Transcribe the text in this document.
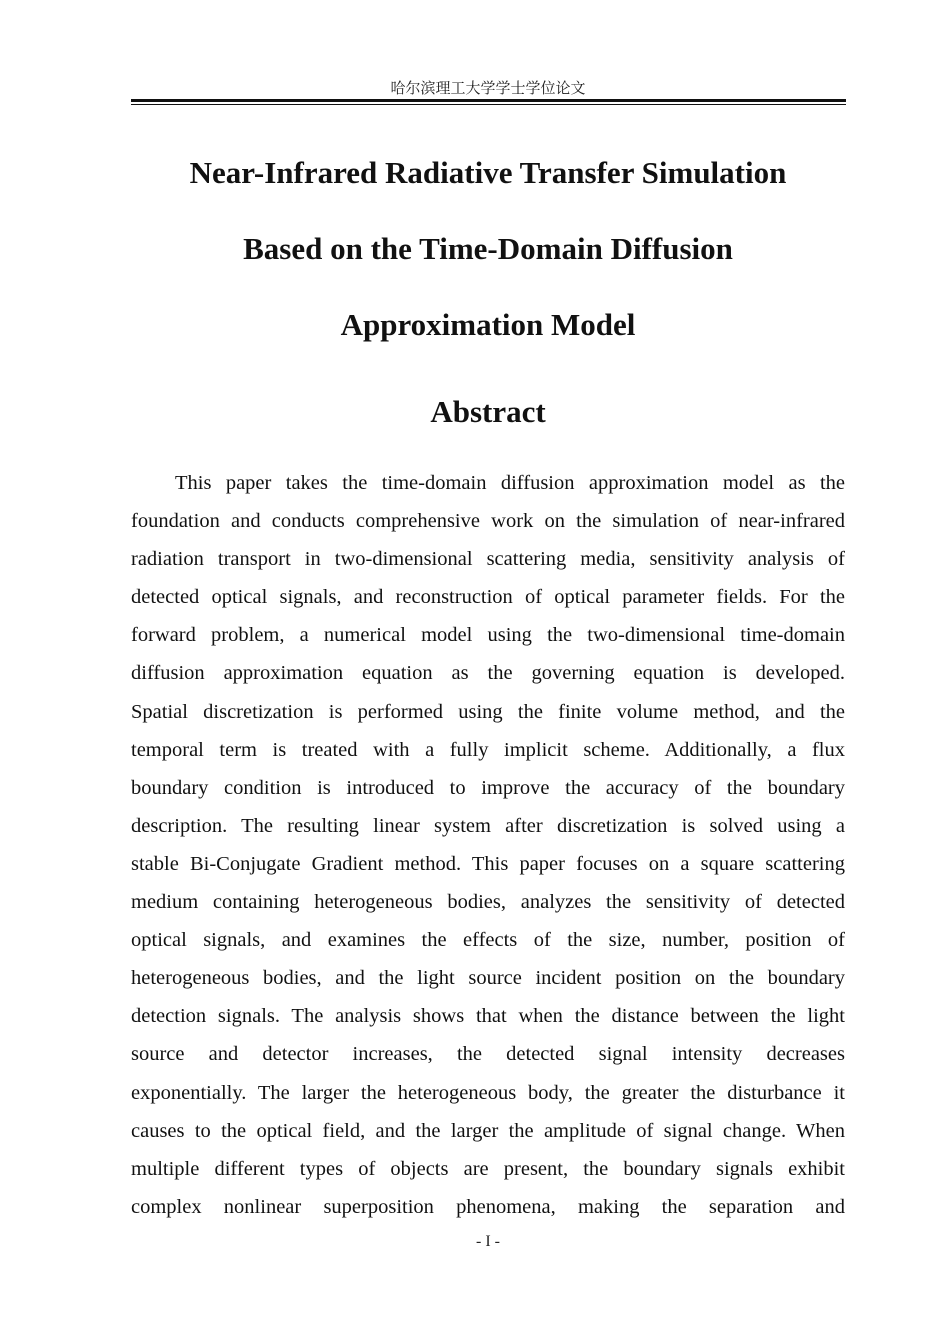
哈尔滨理工大学学士学位论文
Near-Infrared Radiative Transfer Simulation
Based on the Time-Domain Diffusion
Approximation Model
Abstract
This paper takes the time-domain diffusion approximation model as the
foundation and conducts comprehensive work on the simulation of near-infrared
radiation transport in two-dimensional scattering media, sensitivity analysis of
detected optical signals, and reconstruction of optical parameter fields. For the
forward problem, a numerical model using the two-dimensional time-domain
diffusion approximation equation as the governing equation is developed.
Spatial discretization is performed using the finite volume method, and the
temporal term is treated with a fully implicit scheme. Additionally, a flux
boundary condition is introduced to improve the accuracy of the boundary
description. The resulting linear system after discretization is solved using a
stable Bi-Conjugate Gradient method. This paper focuses on a square scattering
medium containing heterogeneous bodies, analyzes the sensitivity of detected
optical signals, and examines the effects of the size, number, position of
heterogeneous bodies, and the light source incident position on the boundary
detection signals. The analysis shows that when the distance between the light
source and detector increases, the detected signal intensity decreases
exponentially. The larger the heterogeneous body, the greater the disturbance it
causes to the optical field, and the larger the amplitude of signal change. When
multiple different types of objects are present, the boundary signals exhibit
complex nonlinear superposition phenomena, making the separation and
- I -
